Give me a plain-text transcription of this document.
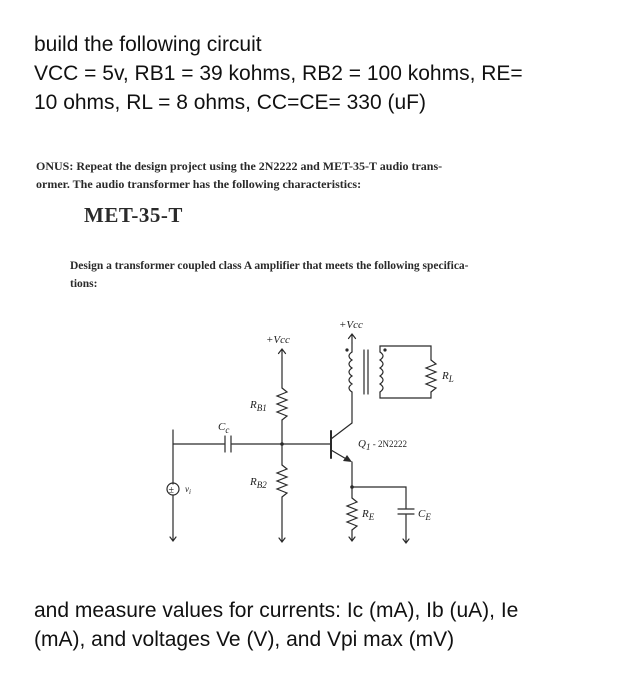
build the following circuit
VCC = 5v, RB1 = 39 kohms, RB2 = 100 kohms, RE=
10 ohms, RL = 8 ohms, CC=CE= 330 (uF)
ONUS: Repeat the design project using the 2N2222 and MET-35-T audio trans-
ormer. The audio transformer has the following characteristics:
MET-35-T
Design a transformer coupled class A amplifier that meets the following specifica-
tions:
+Vcc
$R_{B1}$
$R_{B2}$
± $v_i$
$C_c$
$Q_1$ $^{- 2N2222}$
+Vcc
$R_L$
$R_E$	$C_E$
and measure values for currents: Ic (mA), Ib (uA), Ie
(mA), and voltages Ve (V), and Vpi max (mV)
